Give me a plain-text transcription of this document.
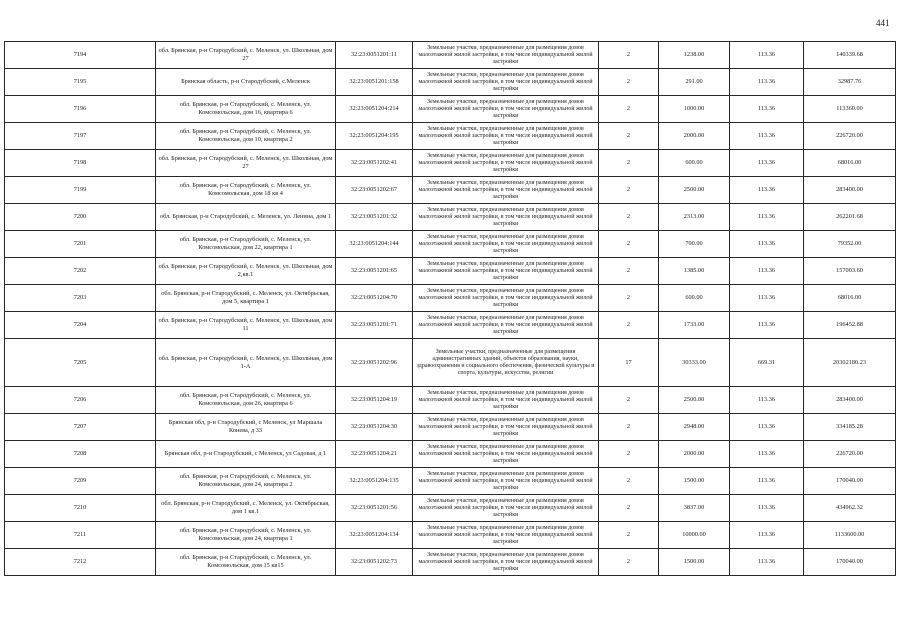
441
7194	обл. Брянская, р-н Стародубский, с. Меленск, ул. Школьная, дом 27	32:23:0051201:11	Земельные участки, предназначенные для размещения домов малоэтажной жилой застройки, в том числе индивидуальной жилой застройки	2	1238.00	113.36	140339.68
7195	Брянская область, р-н Стародубский, с.Меленск	32:23:0051201:158	Земельные участки, предназначенные для размещения домов малоэтажной жилой застройки, в том числе индивидуальной жилой застройки	2	291.00	113.36	32987.76
7196	обл. Брянская, р-н Стародубский, с. Меленск, ул. Комсомольская, дом 16, квартира 6	32:23:0051204:214	Земельные участки, предназначенные для размещения домов малоэтажной жилой застройки, в том числе индивидуальной жилой застройки	2	1000.00	113.36	113360.00
7197	обл. Брянская, р-н Стародубский, с. Меленск, ул. Комсомольская, дом 10, квартира 2	32:23:0051204:195	Земельные участки, предназначенные для размещения домов малоэтажной жилой застройки, в том числе индивидуальной жилой застройки	2	2000.00	113.36	226720.00
7198	обл. Брянская, р-н Стародубский, с. Меленск, ул. Школьная, дом 27	32:23:0051202:41	Земельные участки, предназначенные для размещения домов малоэтажной жилой застройки, в том числе индивидуальной жилой застройки	2	600.00	113.36	68016.00
7199	обл. Брянская, р-н Стародубский, с. Меленск, ул. Комсомольская, дом 18 кв 4	32:23:0051202:67	Земельные участки, предназначенные для размещения домов малоэтажной жилой застройки, в том числе индивидуальной жилой застройки	2	2500.00	113.36	283400.00
7200	обл. Брянская, р-н Стародубский, с. Меленск, ул. Ленина, дом 1	32:23:0051201:32	Земельные участки, предназначенные для размещения домов малоэтажной жилой застройки, в том числе индивидуальной жилой застройки	2	2313.00	113.36	262201.68
7201	обл. Брянская, р-н Стародубский, с. Меленск, ул. Комсомольская, дом 22, квартира 1	32:23:0051204:144	Земельные участки, предназначенные для размещения домов малоэтажной жилой застройки, в том числе индивидуальной жилой застройки	2	700.00	113.36	79352.00
7202	обл. Брянская, р-н Стародубский, с. Меленск, ул. Школьная, дом 2,кв.1	32:23:0051201:65	Земельные участки, предназначенные для размещения домов малоэтажной жилой застройки, в том числе индивидуальной жилой застройки	2	1385.00	113.36	157003.60
7203	обл. Брянская, р-н Стародубский, с. Меленск, ул. Октябрьская, дом 5, квартира 1	32:23:0051204:70	Земельные участки, предназначенные для размещения домов малоэтажной жилой застройки, в том числе индивидуальной жилой застройки	2	600.00	113.36	68016.00
7204	обл. Брянская, р-н Стародубский, с. Меленск, ул. Школьная, дом 11	32:23:0051201:71	Земельные участки, предназначенные для размещения домов малоэтажной жилой застройки, в том числе индивидуальной жилой застройки	2	1733.00	113.36	196452.88
7205	обл. Брянская, р-н Стародубский, с. Меленск, ул. Школьная, дом 1-А	32:23:0051202:96	Земельные участки, предназначенные для размещения административных зданий, объектов образования, науки, здравоохранения и социального обеспечения, физической культуры и спорта, культуры, искусства, религии	17	30333.00	669.31	20302180.23
7206	обл. Брянская, р-н Стародубский, с. Меленск, ул. Комсомольская, дом 26, квартира 6	32:23:0051204:19	Земельные участки, предназначенные для размещения домов малоэтажной жилой застройки, в том числе индивидуальной жилой застройки	2	2500.00	113.36	283400.00
7207	Брянская обл, р-н Стародубский, с Меленск, ул Маршала Конева, д 33	32:23:0051204:30	Земельные участки, предназначенные для размещения домов малоэтажной жилой застройки, в том числе индивидуальной жилой застройки	2	2948.00	113.36	334185.28
7208	Брянская обл, р-н Стародубский, с Меленск, ул Садовая, д 1	32:23:0051204:21	Земельные участки, предназначенные для размещения домов малоэтажной жилой застройки, в том числе индивидуальной жилой застройки	2	2000.00	113.36	226720.00
7209	обл. Брянская, р-н Стародубский, с. Меленск, ул. Комсомольская, дом 24, квартира 2	32:23:0051204:135	Земельные участки, предназначенные для размещения домов малоэтажной жилой застройки, в том числе индивидуальной жилой застройки	2	1500.00	113.36	170040.00
7210	обл. Брянская, р-н Стародубский, с. Меленск, ул. Октябрьская, дом 1 кв.1	32:23:0051201:56	Земельные участки, предназначенные для размещения домов малоэтажной жилой застройки, в том числе индивидуальной жилой застройки	2	3837.00	113.36	434962.32
7211	обл. Брянская, р-н Стародубский, с. Меленск, ул. Комсомольская, дом 24, квартира 1	32:23:0051204:134	Земельные участки, предназначенные для размещения домов малоэтажной жилой застройки, в том числе индивидуальной жилой застройки	2	10000.00	113.36	1133600.00
7212	обл. Брянская, р-н Стародубский, с. Меленск, ул. Комсомольская, дом 15 кв15	32:23:0051202:73	Земельные участки, предназначенные для размещения домов малоэтажной жилой застройки, в том числе индивидуальной жилой застройки	2	1500.00	113.36	170040.00
